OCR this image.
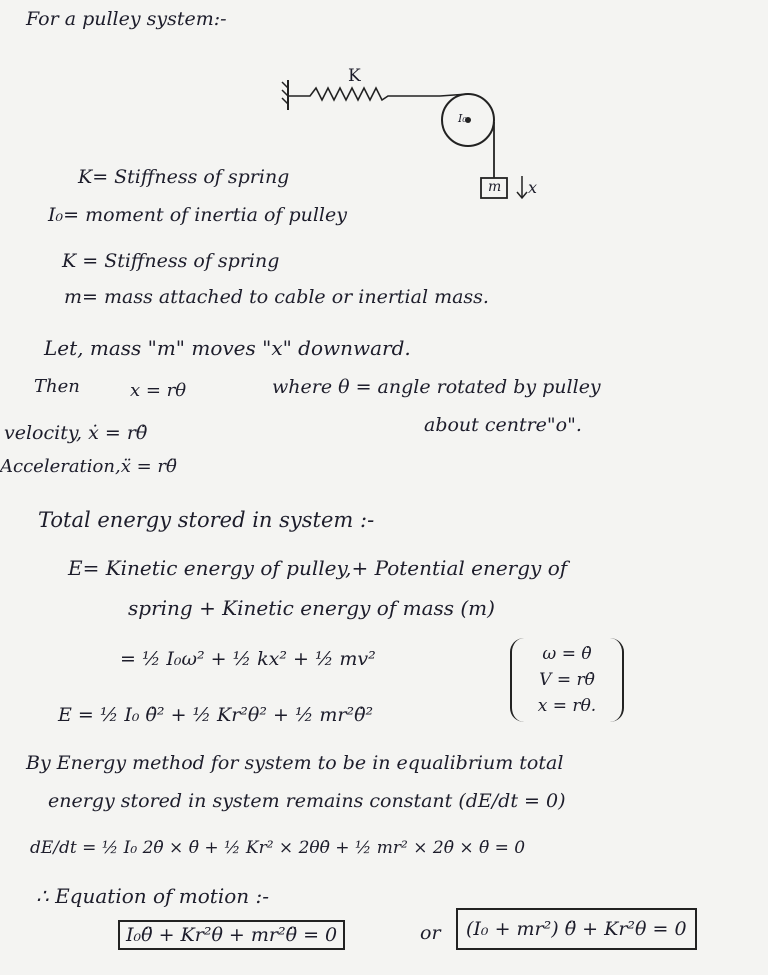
For a pulley system:-
K
I₀
m x
K= Stiffness of spring
I₀= moment of inertia of pulley
K = Stiffness of spring
m= mass attached to cable or inertial mass.
Let, mass "m" moves "x" downward.
Then	x = rθ	where θ = angle rotated by pulley
about centre"o".
velocity, ẋ = rθ̇
Acceleration,ẍ = rθ̈
Total energy stored in system :-
E= Kinetic energy of pulley,+ Potential energy of
spring + Kinetic energy of mass (m)
= ½ I₀ω² + ½ kx² + ½ mv²
E = ½ I₀ θ̇² + ½ Kr²θ² + ½ mr²θ̇²
ω = θ̇
V = rθ̇
x = rθ.
By Energy method for system to be in equalibrium total
energy stored in system remains constant (dE/dt = 0)
dE/dt = ½ I₀ 2θ̇ × θ̈ + ½ Kr² × 2θθ̇ + ½ mr² × 2θ̇ × θ̈ = 0
∴ Equation of motion :-
I₀θ̈ + Kr²θ + mr²θ̈ = 0	or	(I₀ + mr²) θ̈ + Kr²θ = 0
